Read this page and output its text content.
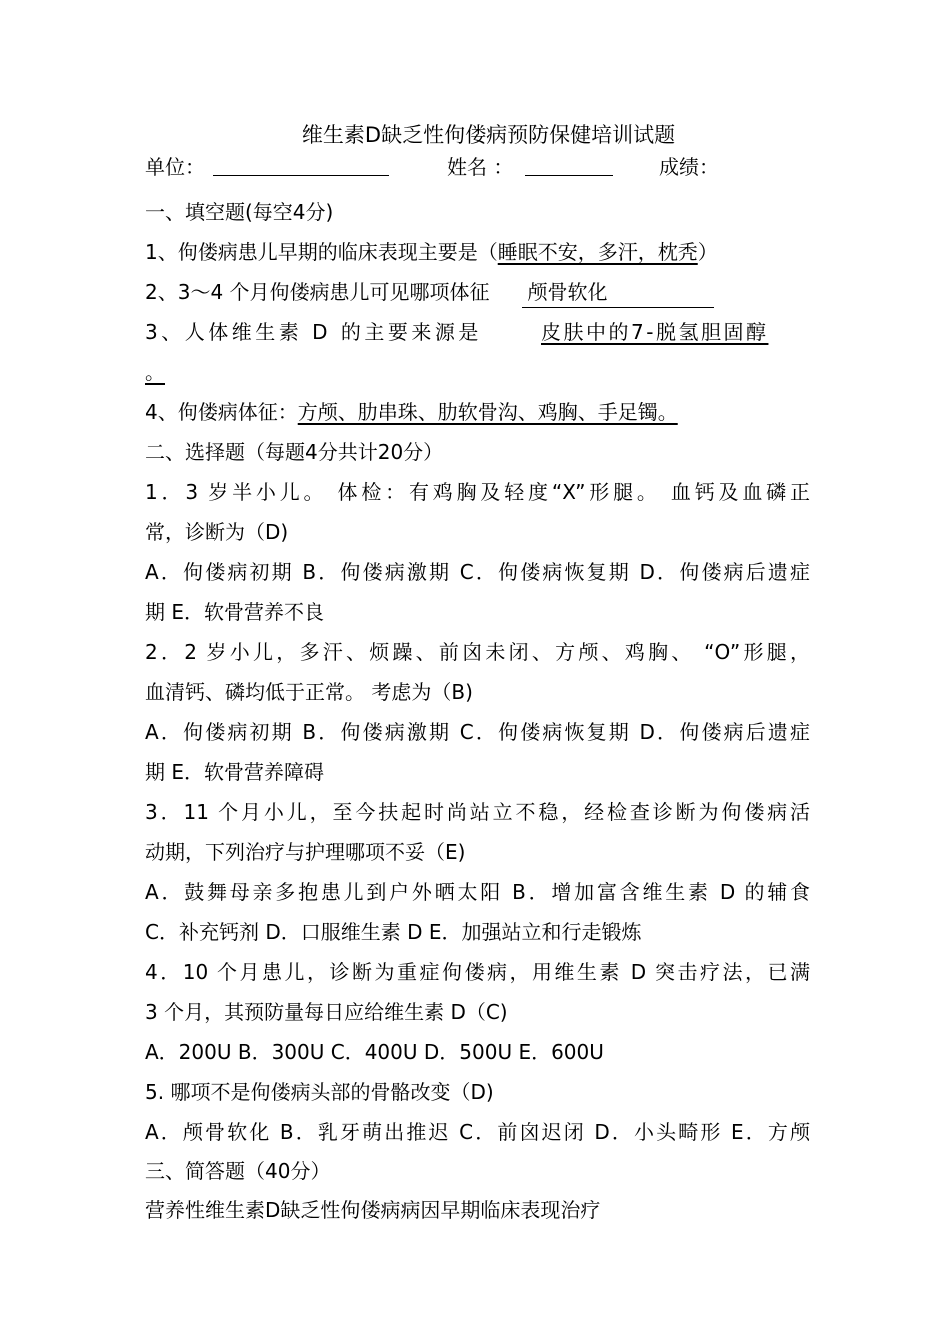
维生素D缺乏性佝偻病预防保健培训试题
单位：	姓名 ：	成绩：
一、填空题(每空4分)
1、佝偻病患儿早期的临床表现主要是（睡眠不安，多汗，枕秃）
2、3～4 个月佝偻病患儿可见哪项体征 颅骨软化
3、人体维生素 D 的主要来源是	皮肤中的7-脱氢胆固醇
。
4、佝偻病体征：方颅、肋串珠、肋软骨沟、鸡胸、手足镯。
二、选择题（每题4分共计20分）
1．3 岁半小儿。 体检：有鸡胸及轻度“X”形腿。 血钙及血磷正
常，诊断为（D)
A．佝偻病初期 B．佝偻病激期 C．佝偻病恢复期 D．佝偻病后遗症
期 E．软骨营养不良
2．2 岁小儿，多汗、烦躁、前囟未闭、方颅、鸡胸、 “O”形腿，
血清钙、磷均低于正常。 考虑为（B)
A．佝偻病初期 B．佝偻病激期 C．佝偻病恢复期 D．佝偻病后遗症
期 E．软骨营养障碍
3．11 个月小儿，至今扶起时尚站立不稳，经检查诊断为佝偻病活
动期，下列治疗与护理哪项不妥（E)
A．鼓舞母亲多抱患儿到户外晒太阳 B．增加富含维生素 D 的辅食
C．补充钙剂 D．口服维生素 D E．加强站立和行走锻炼
4．10 个月患儿，诊断为重症佝偻病，用维生素 D 突击疗法，已满
3 个月，其预防量每日应给维生素 D（C)
A．200U B．300U C．400U D．500U E．600U
5. 哪项不是佝偻病头部的骨骼改变（D)
A．颅骨软化 B．乳牙萌出推迟 C．前囟迟闭 D．小头畸形 E．方颅
三、简答题（40分）
营养性维生素D缺乏性佝偻病病因早期临床表现治疗
